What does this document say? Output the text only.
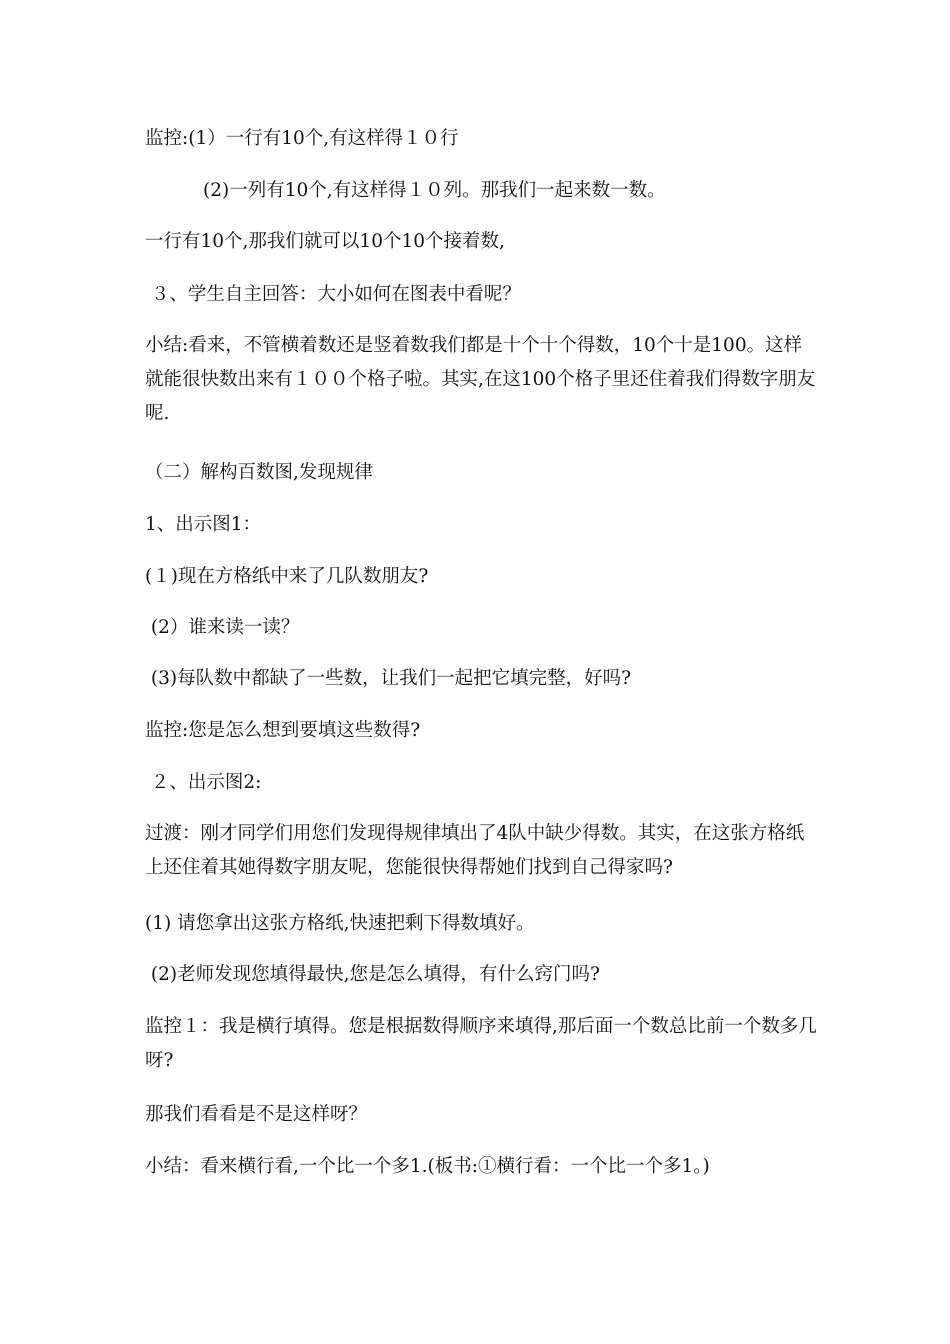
监控:(1）一行有10个,有这样得１０行

(2)一列有10个,有这样得１０列。那我们一起来数一数。

一行有10个,那我们就可以10个10个接着数,

３、学生自主回答：大小如何在图表中看呢？

小结:看来，不管横着数还是竖着数我们都是十个十个得数，10个十是100。这样就能很快数出来有１００个格子啦。其实,在这100个格子里还住着我们得数字朋友呢.

（二）解构百数图,发现规律

1、出示图1：

(１)现在方格纸中来了几队数朋友?

(2）谁来读一读？

(3)每队数中都缺了一些数，让我们一起把它填完整，好吗?

监控:您是怎么想到要填这些数得?

２、出示图2:

过渡：刚才同学们用您们发现得规律填出了4队中缺少得数。其实，在这张方格纸上还住着其她得数字朋友呢，您能很快得帮她们找到自己得家吗?

(1) 请您拿出这张方格纸,快速把剩下得数填好。

(2)老师发现您填得最快,您是怎么填得，有什么窍门吗?

监控１：我是横行填得。您是根据数得顺序来填得,那后面一个数总比前一个数多几呀?

那我们看看是不是这样呀？

小结：看来横行看,一个比一个多1.(板书:①横行看：一个比一个多1。)
